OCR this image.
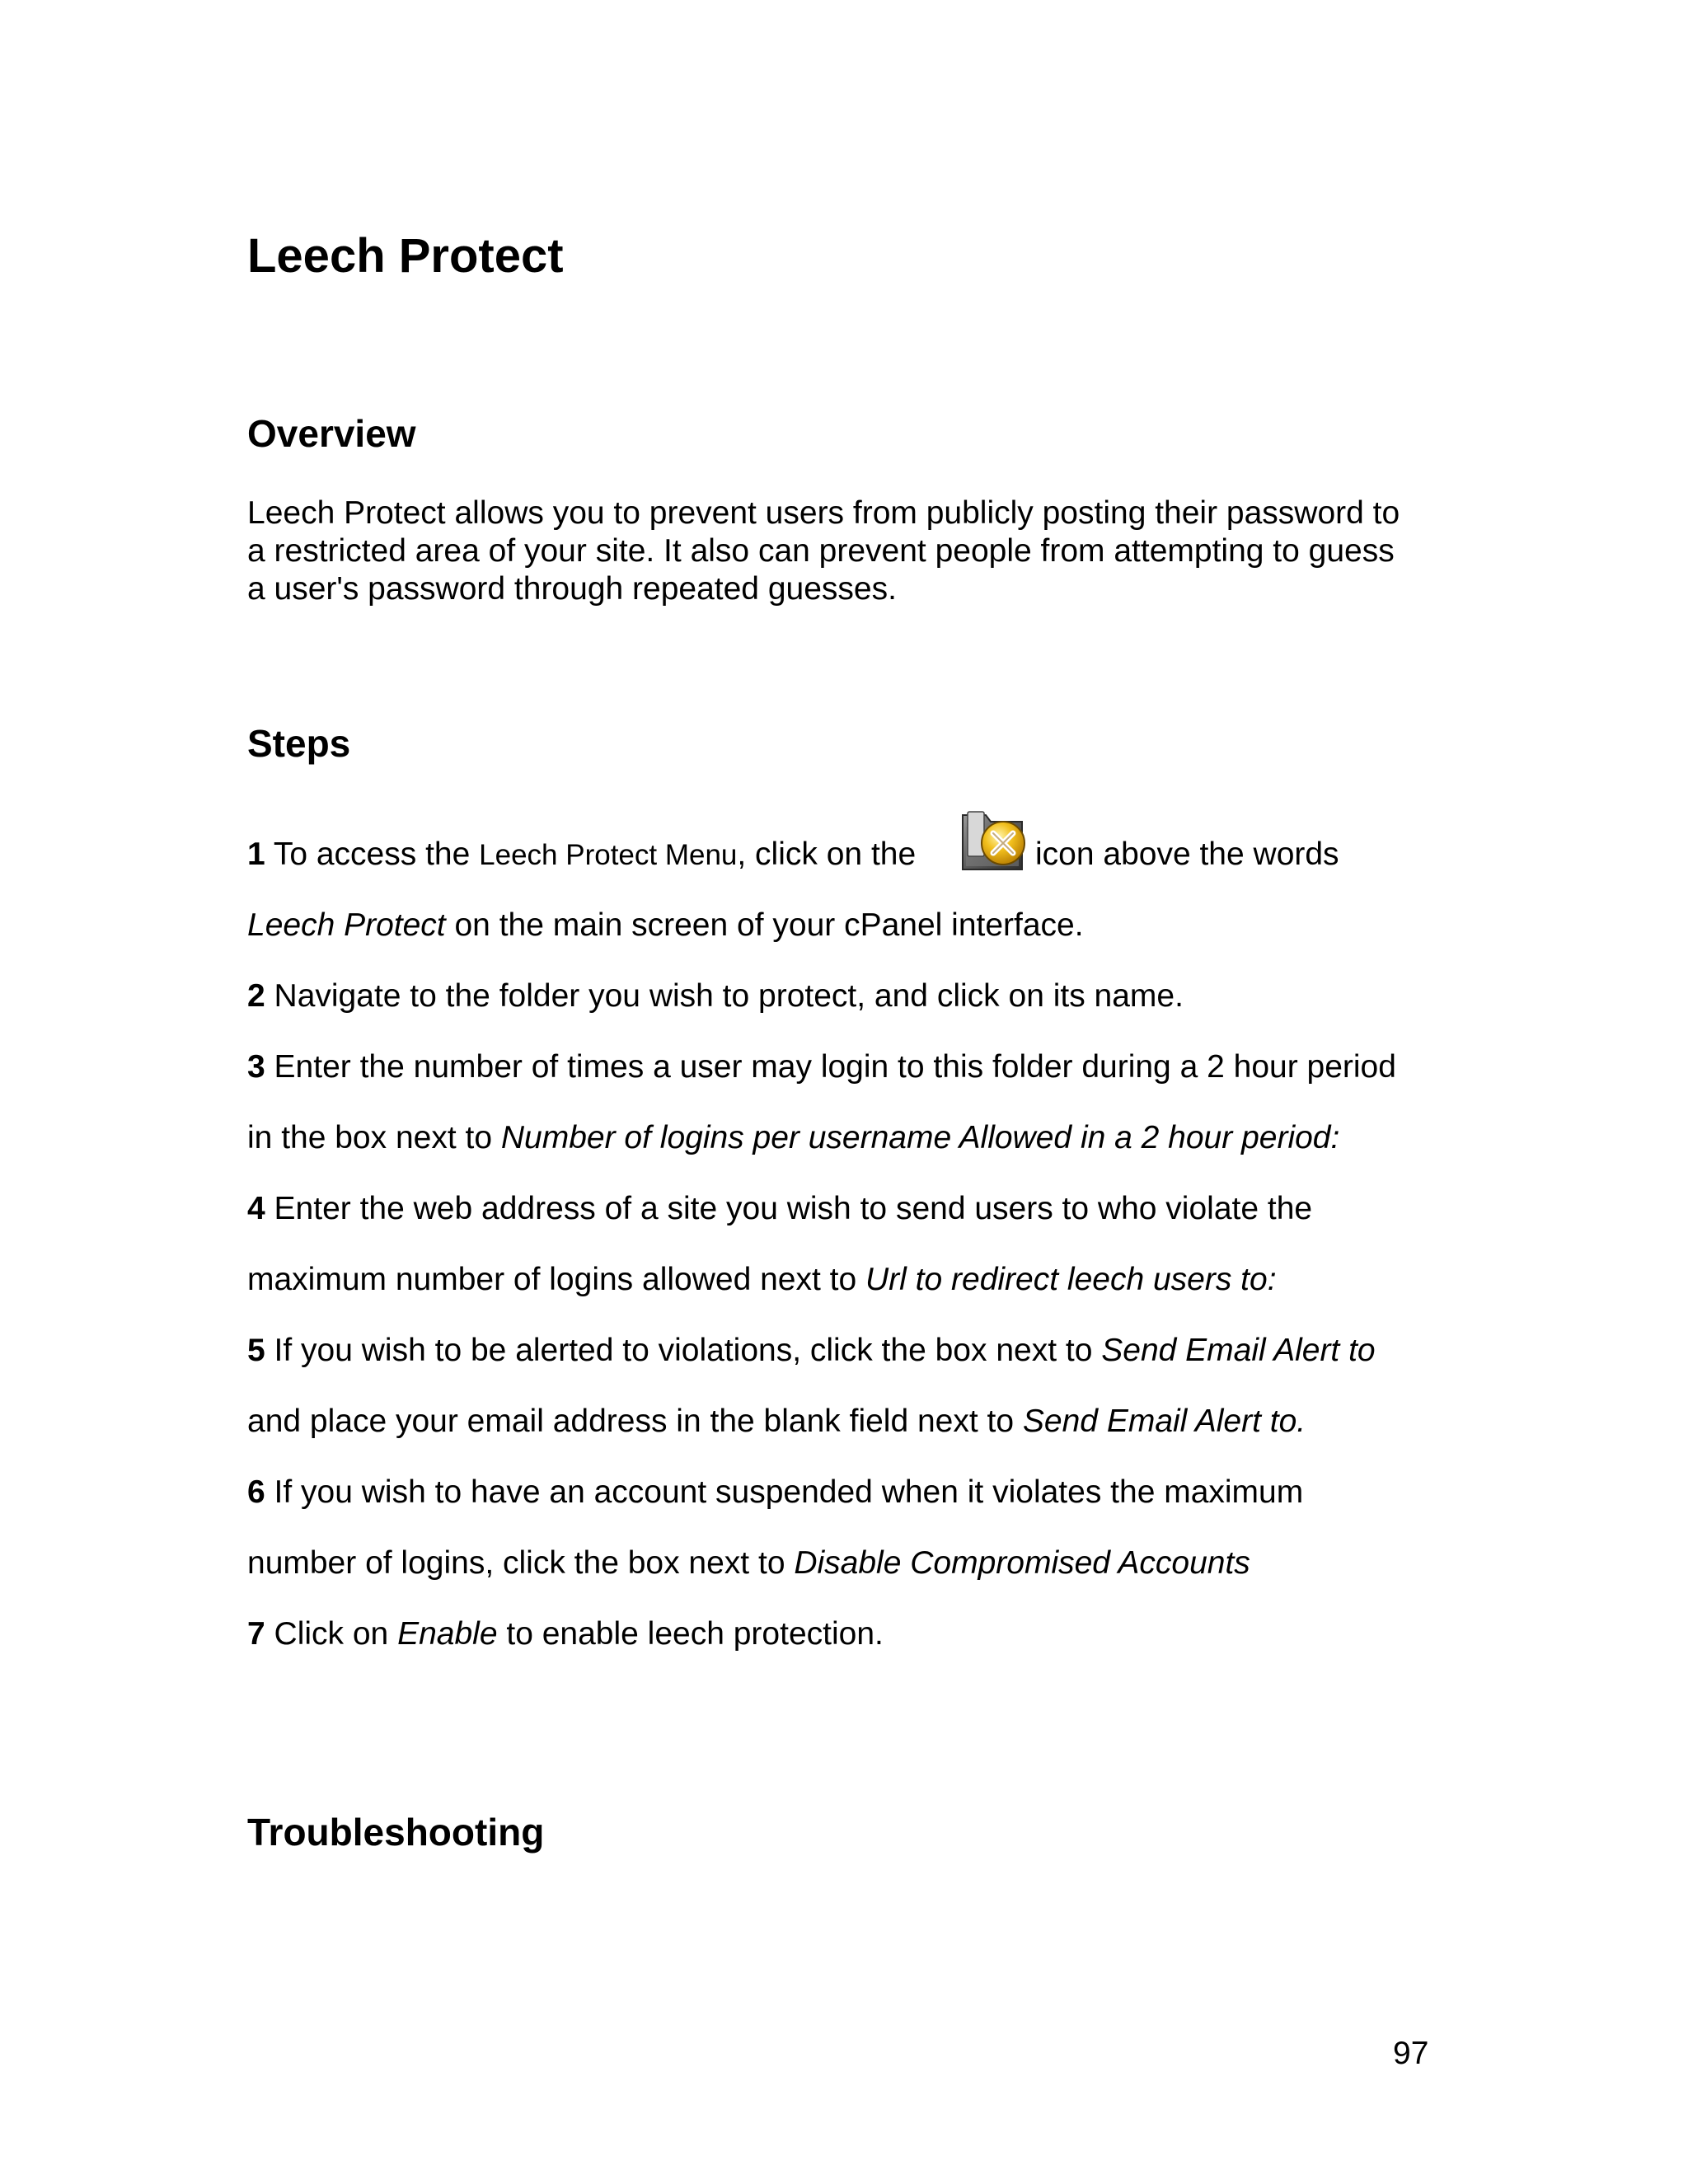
Leech Protect
Overview

Leech Protect allows you to prevent users from publicly posting their password to

a restricted area of your site. It also can prevent people from attempting to guess

a user's password through repeated guesses.

Steps
1 To access the Leech Protect Menu, click on the	icon above the words
Leech Protect on the main screen of your cPanel interface.
2 Navigate to the folder you wish to protect, and click on its name.
3 Enter the number of times a user may login to this folder during a 2 hour period
in the box next to Number of logins per username Allowed in a 2 hour period:
4 Enter the web address of a site you wish to send users to who violate the
maximum number of logins allowed next to Url to redirect leech users to:
5 If you wish to be alerted to violations, click the box next to Send Email Alert to
and place your email address in the blank field next to Send Email Alert to.
6 If you wish to have an account suspended when it violates the maximum
number of logins, click the box next to Disable Compromised Accounts
7 Click on Enable to enable leech protection.
Troubleshooting
97
